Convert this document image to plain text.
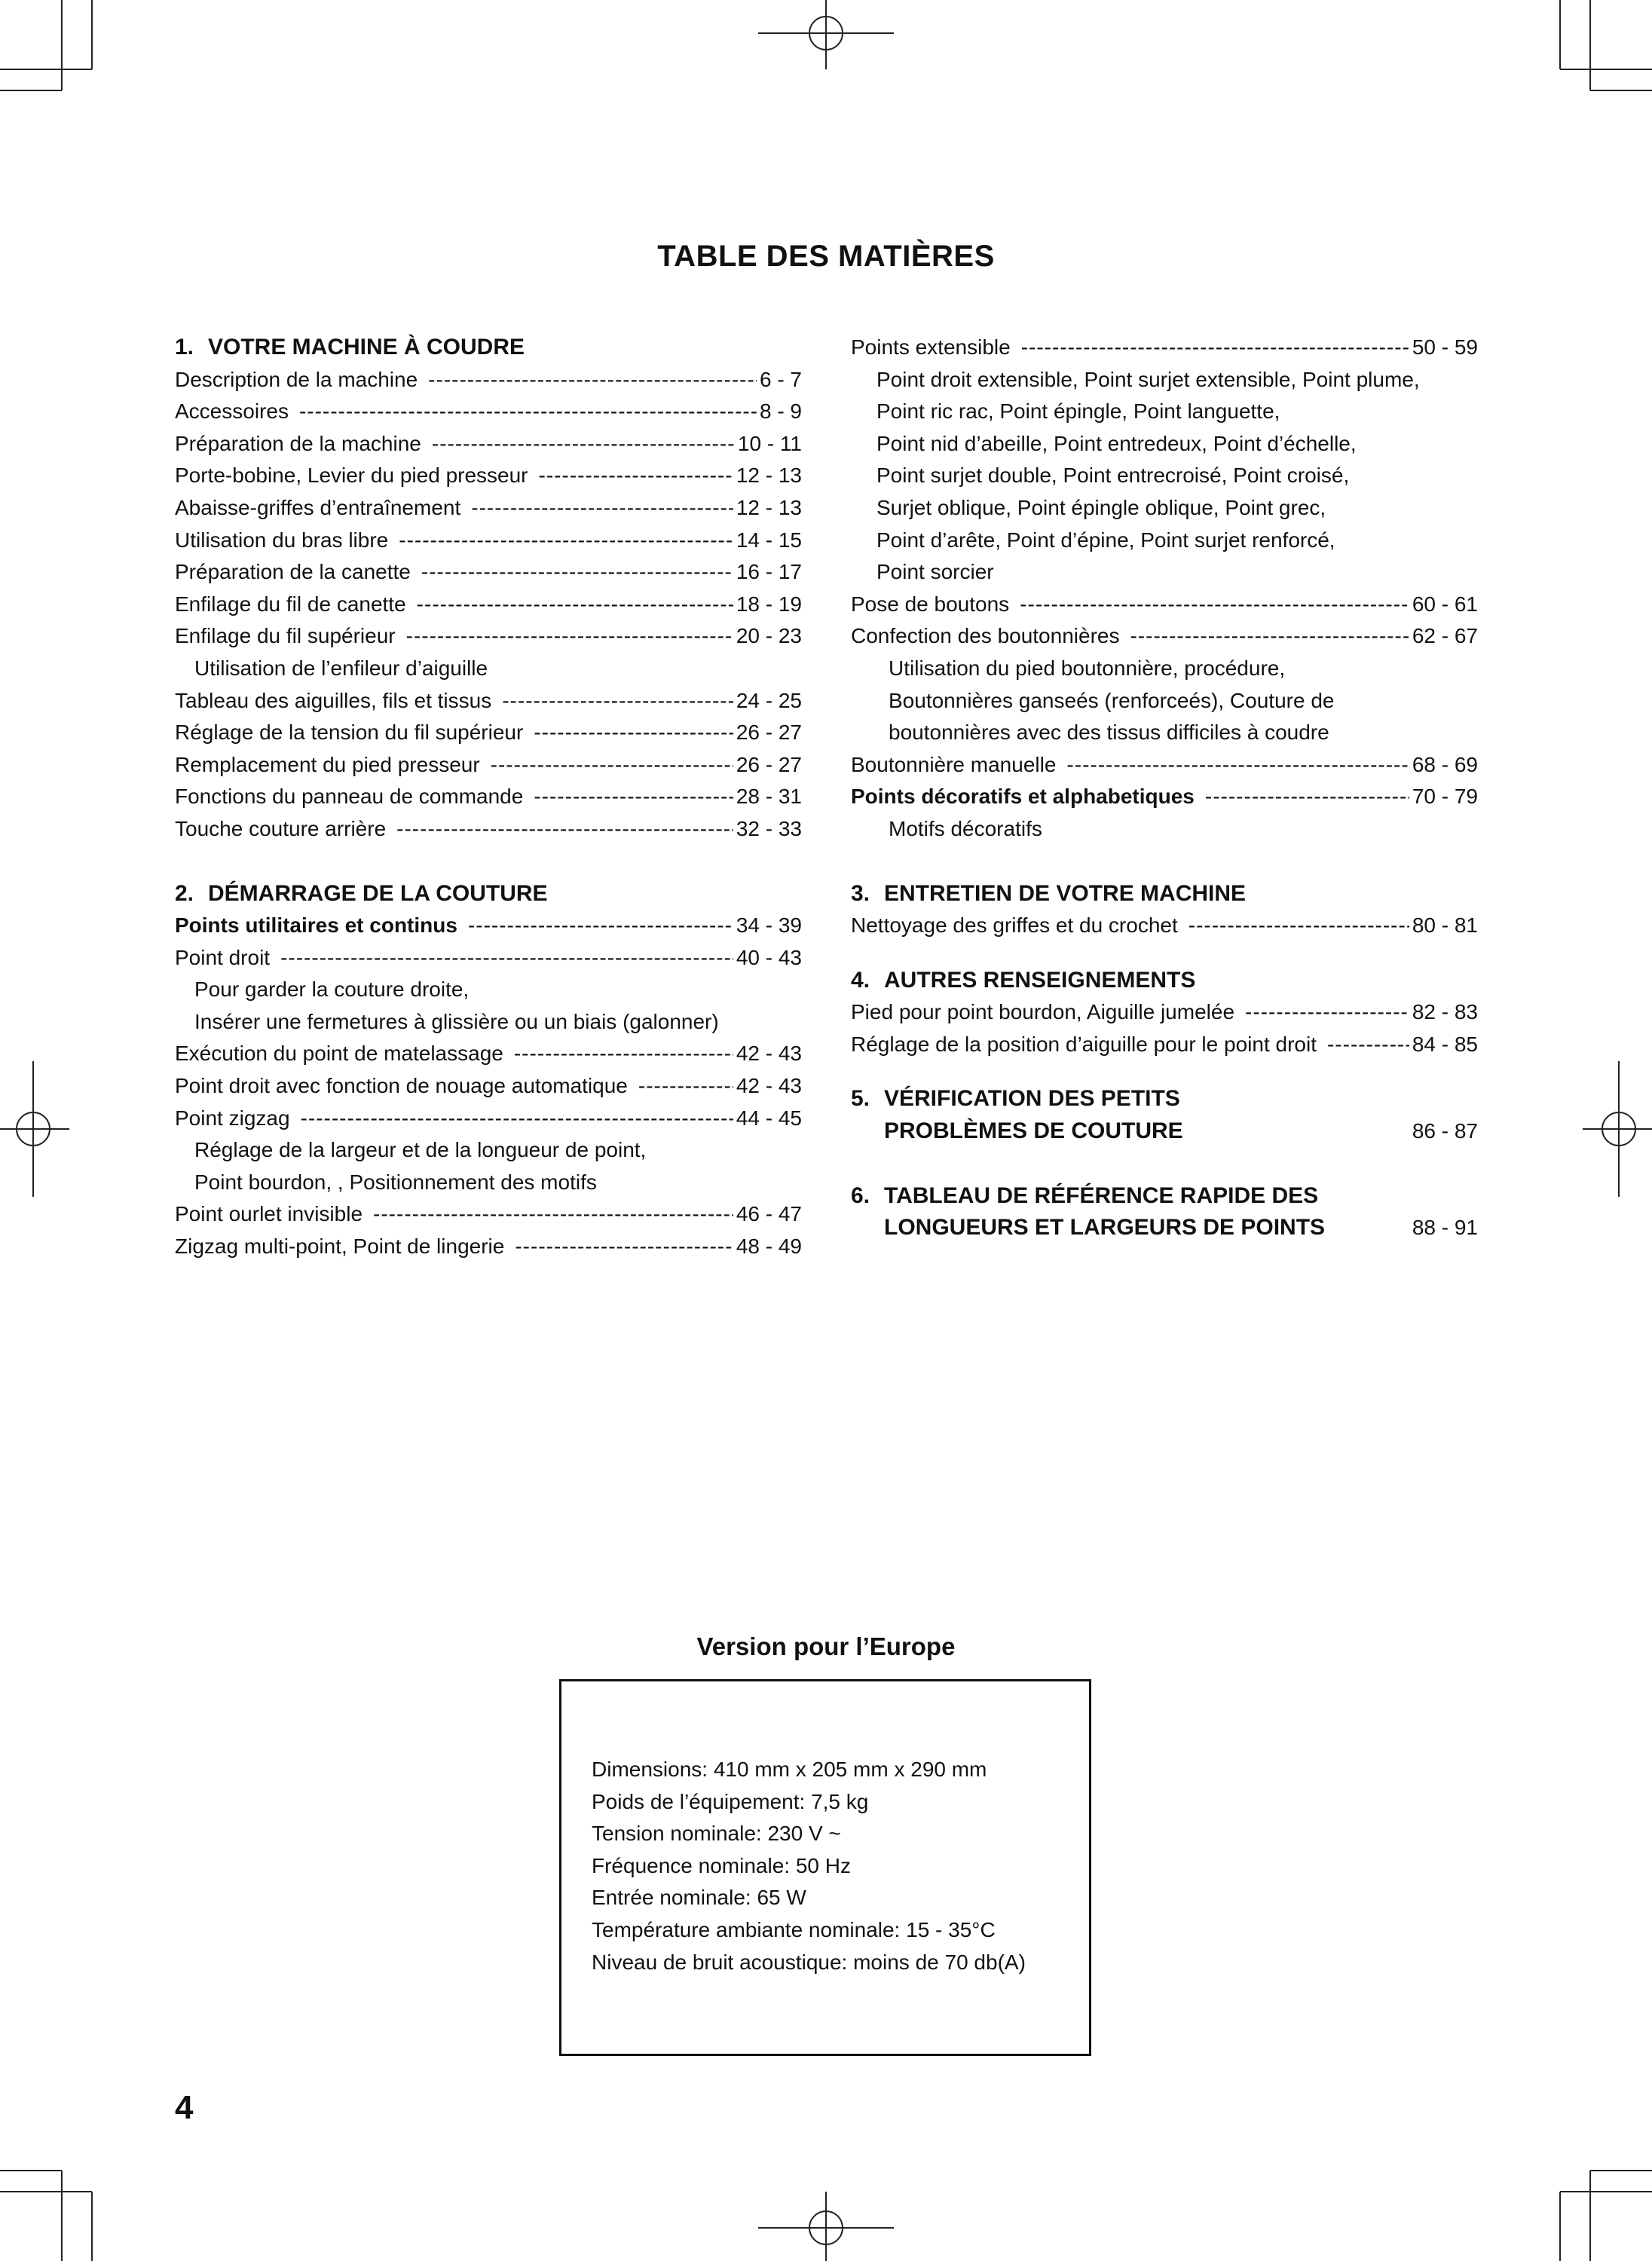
TABLE DES MATIÈRES
1. VOTRE MACHINE À COUDRE
Description de la machine -----	6 - 7
Accessoires -----	8 - 9
Préparation de la machine -----	10 - 11
Porte-bobine, Levier du pied presseur -----	12 - 13
Abaisse-griffes d’entraînement -----	12 - 13
Utilisation du bras libre -----	14 - 15
Préparation de la canette -----	16 - 17
Enfilage du fil de canette -----	18 - 19
Enfilage du fil supérieur -----	20 - 23
Utilisation de l’enfileur d’aiguille
Tableau des aiguilles, fils et tissus -----	24 - 25
Réglage de la tension du fil supérieur -----	26 - 27
Remplacement du pied presseur -----	26 - 27
Fonctions du panneau de commande -----	28 - 31
Touche couture arrière -----	32 - 33
2. DÉMARRAGE DE LA COUTURE
Points utilitaires et continus -----	34 - 39
Point droit -----	40 - 43
Pour garder la couture droite,
Insérer une fermetures à glissière ou un biais (galonner)
Exécution du point de matelassage -----	42 - 43
Point droit avec fonction de nouage automatique -----	42 - 43
Point zigzag -----	44 - 45
Réglage de la largeur et de la longueur de point,
Point bourdon, , Positionnement des motifs
Point ourlet invisible -----	46 - 47
Zigzag multi-point, Point de lingerie -----	48 - 49
Points extensible -----	50 - 59
Point droit extensible, Point surjet extensible, Point plume,
Point ric rac, Point épingle, Point languette,
Point nid d’abeille, Point entredeux, Point d’échelle,
Point surjet double, Point entrecroisé, Point croisé,
Surjet oblique, Point épingle oblique, Point grec,
Point d’arête, Point d’épine, Point surjet renforcé,
Point sorcier
Pose de boutons -----	60 - 61
Confection des boutonnières -----	62 - 67
Utilisation du pied boutonnière, procédure,
Boutonnières ganseés (renforceés), Couture de
boutonnières avec des tissus difficiles à coudre
Boutonnière manuelle -----	68 - 69
Points décoratifs et alphabetiques -----	70 - 79
Motifs décoratifs
3. ENTRETIEN DE VOTRE MACHINE
Nettoyage des griffes et du crochet -----	80 - 81
4. AUTRES RENSEIGNEMENTS
Pied pour point bourdon, Aiguille jumelée -----	82 - 83
Réglage de la position d’aiguille pour le point droit -----	84 - 85
5. VÉRIFICATION DES PETITS
PROBLÈMES DE COUTURE	86 - 87
6. TABLEAU DE RÉFÉRENCE RAPIDE DES
LONGUEURS ET LARGEURS DE POINTS	88 - 91
Version pour l’Europe
Dimensions: 410 mm x 205 mm x 290 mm
Poids de l’équipement: 7,5 kg
Tension nominale: 230 V ~
Fréquence nominale: 50 Hz
Entrée nominale: 65 W
Température ambiante nominale: 15 - 35°C
Niveau de bruit acoustique: moins de 70 db(A)
4
